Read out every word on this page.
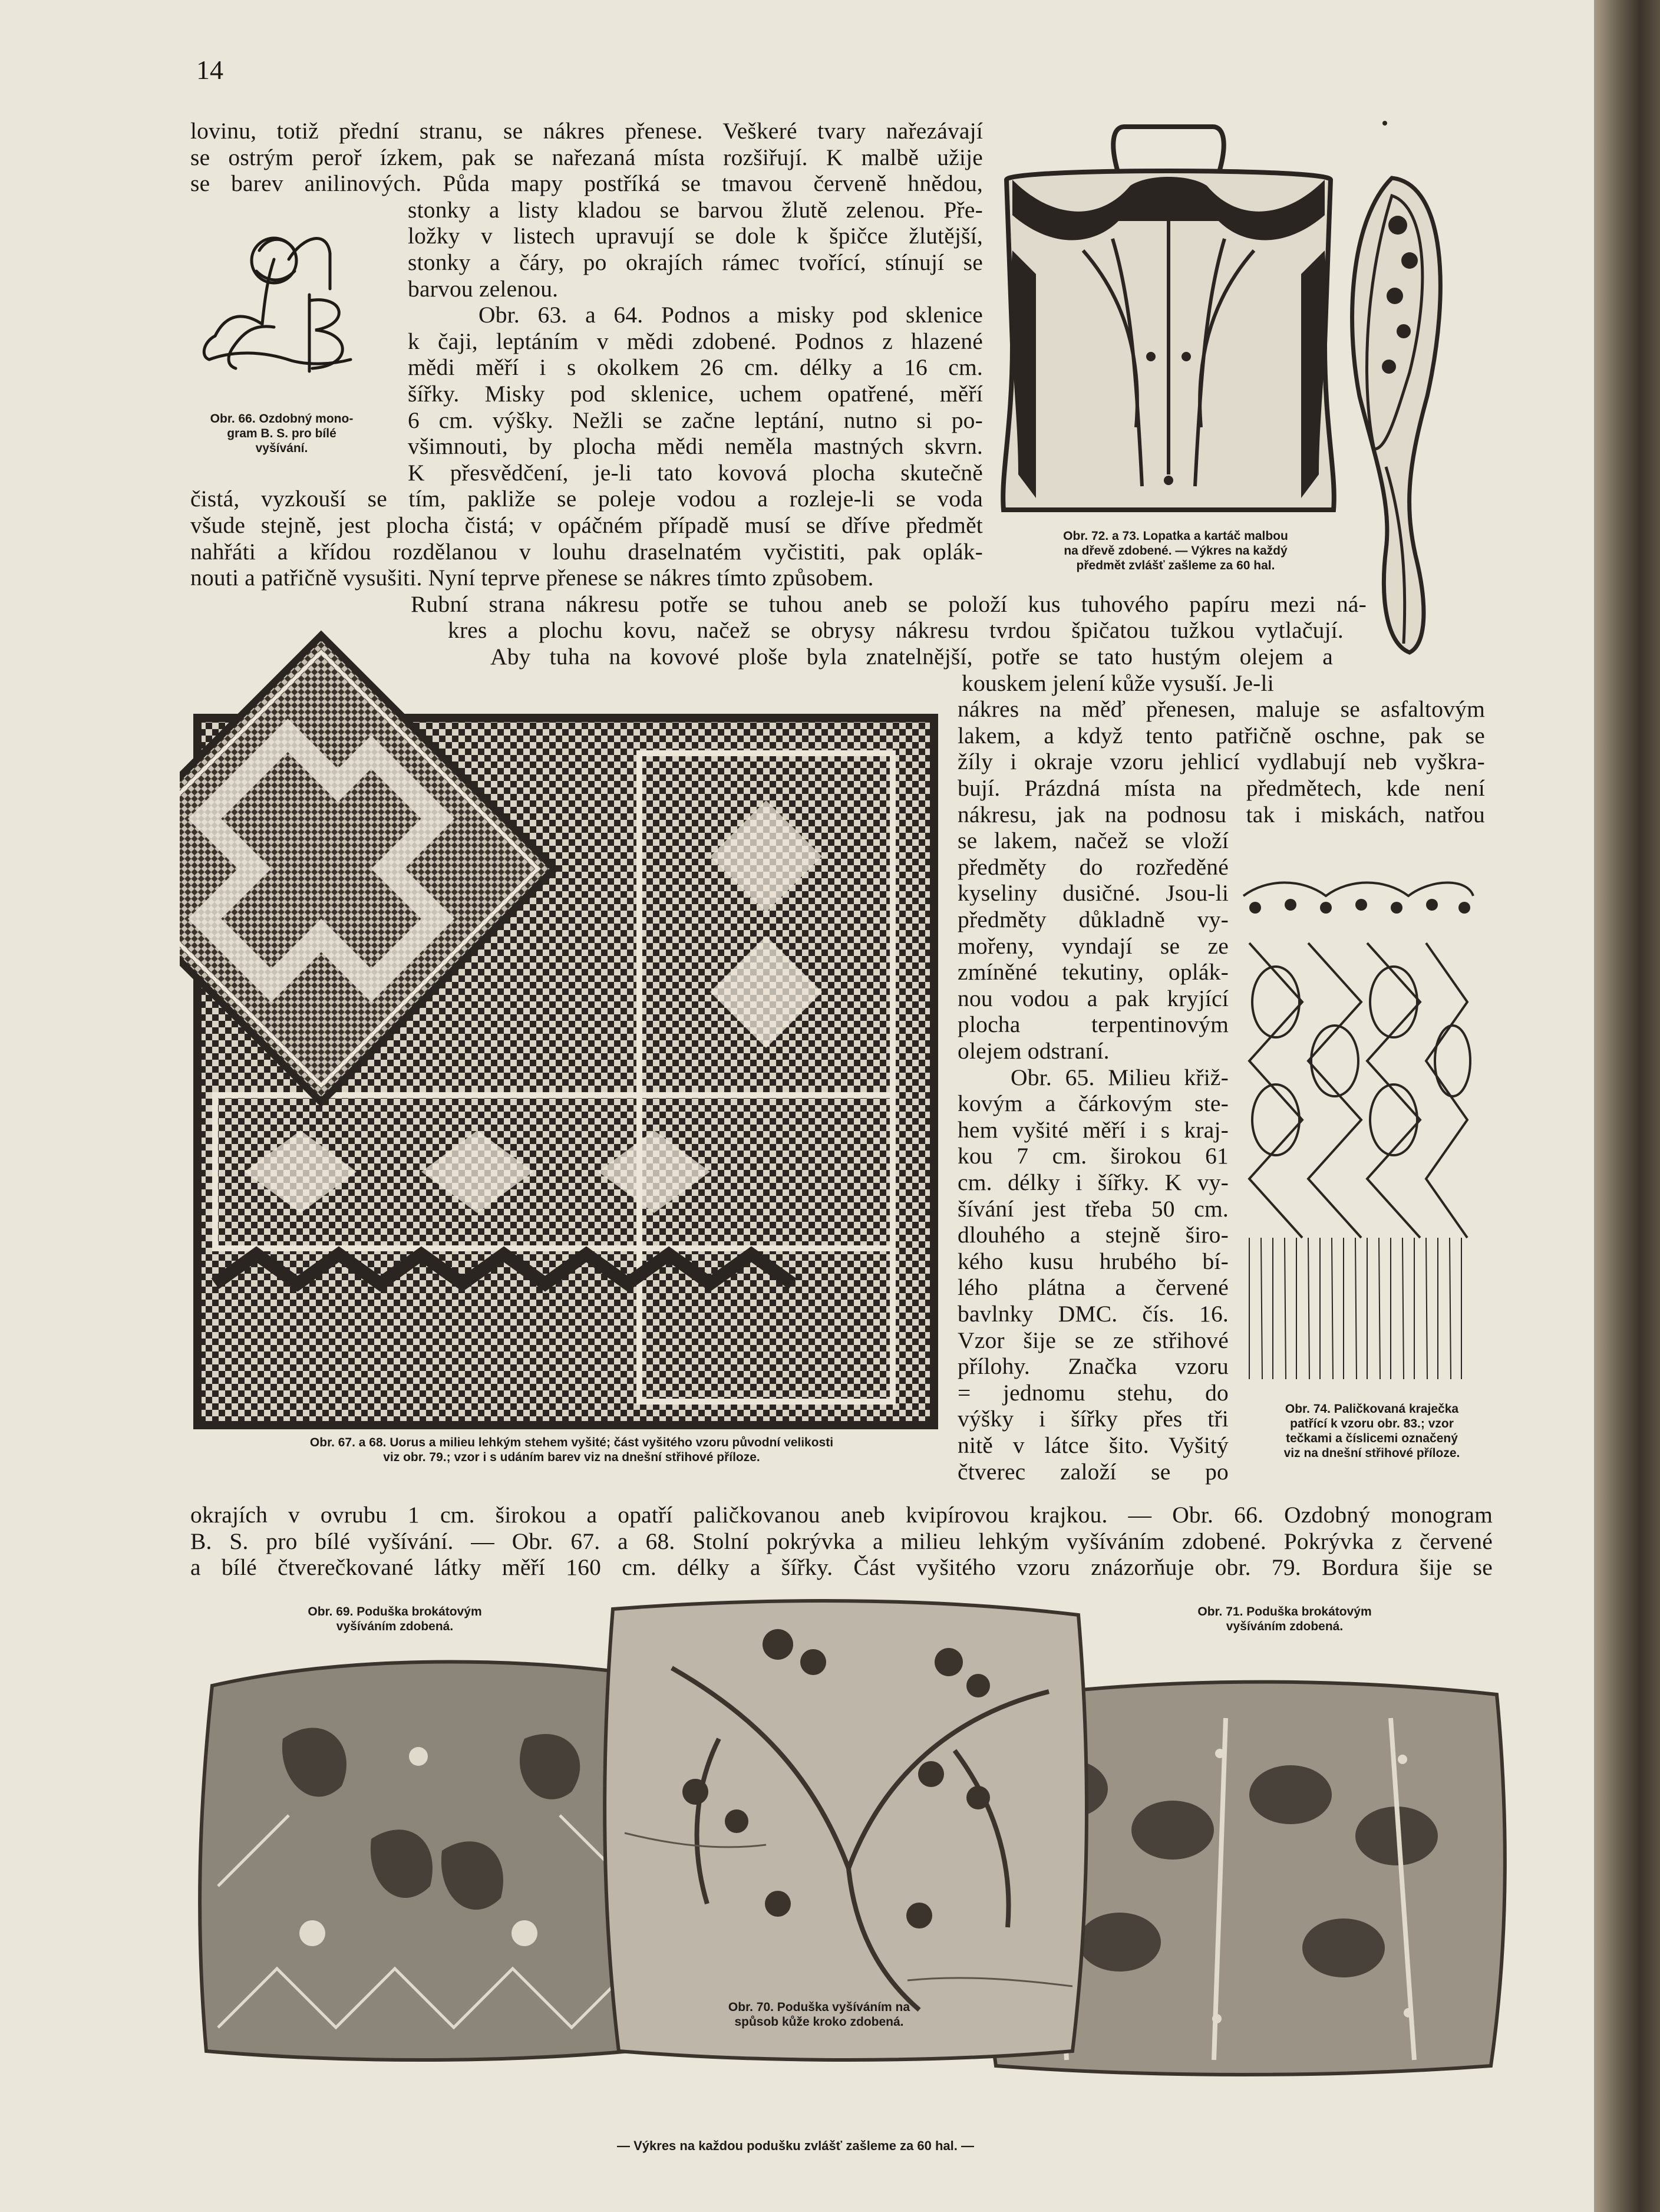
14
lovinu, totiž přední stranu, se nákres přenese. Veškeré tvary nařezávají
se ostrým peroř ízkem, pak se nařezaná místa rozšiřují. K malbě užije
se barev anilinových. Půda mapy postříká se tmavou červeně hnědou,
stonky a listy kladou se barvou žlutě zelenou. Pře-
ložky v listech upravují se dole k špičce žlutější,
stonky a čáry, po okrajích rámec tvořící, stínují se
barvou zelenou.
Obr. 63. a 64. Podnos a misky pod sklenice
k čaji, leptáním v mědi zdobené. Podnos z hlazené
mědi měří i s okolkem 26 cm. délky a 16 cm.
šířky. Misky pod sklenice, uchem opatřené, měří
6 cm. výšky. Nežli se začne leptání, nutno si po-
všimnouti, by plocha mědi neměla mastných skvrn.
K přesvědčení, je-li tato kovová plocha skutečně
čistá, vyzkouší se tím, pakliže se poleje vodou a rozleje-li se voda
všude stejně, jest plocha čistá; v opáčném případě musí se dříve předmět
nahřáti a křídou rozdělanou v louhu draselnatém vyčistiti, pak oplák-
nouti a patřičně vysušiti. Nyní teprve přenese se nákres tímto způsobem.
Rubní strana nákresu potře se tuhou aneb se položí kus tuhového papíru mezi ná-
kres a plochu kovu, načež se obrysy nákresu tvrdou špičatou tužkou vytlačují.
Aby tuha na kovové ploše byla znatelnější, potře se tato hustým olejem a
kouskem jelení kůže vysuší. Je-li
nákres na měď přenesen, maluje se asfaltovým
lakem, a když tento patřičně oschne, pak se
žíly i okraje vzoru jehlicí vydlabují neb vyškra-
bují. Prázdná místa na předmětech, kde není
nákresu, jak na podnosu tak i miskách, natřou
se lakem, načež se vloží
předměty do rozředěné
kyseliny dusičné. Jsou-li
předměty důkladně vy-
mořeny, vyndají se ze
zmíněné tekutiny, oplák-
nou vodou a pak kryjící
plocha terpentinovým
olejem odstraní.
Obr. 65. Milieu křiž-
kovým a čárkovým ste-
hem vyšité měří i s kraj-
kou 7 cm. širokou 61
cm. délky i šířky. K vy-
šívání jest třeba 50 cm.
dlouhého a stejně širo-
kého kusu hrubého bí-
lého plátna a červené
bavlnky DMC. čís. 16.
Vzor šije se ze střihové
přílohy. Značka vzoru
= jednomu stehu, do
výšky i šířky přes tři
nitě v látce šito. Vyšitý
čtverec založí se po
okrajích v ovrubu 1 cm. širokou a opatří paličkovanou aneb kvipírovou krajkou. — Obr. 66. Ozdobný monogram
B. S. pro bílé vyšívání. — Obr. 67. a 68. Stolní pokrývka a milieu lehkým vyšíváním zdobené. Pokrývka z červené
a bílé čtverečkované látky měří 160 cm. délky a šířky. Část vyšitého vzoru znázorňuje obr. 79. Bordura šije se
Obr. 66. Ozdobný mono-
gram B. S. pro bílé
vyšívání.
Obr. 72. a 73. Lopatka a kartáč malbou
na dřevě zdobené. — Výkres na každý
předmět zvlášť zašleme za 60 hal.
Obr. 67. a 68. Uorus a milieu lehkým stehem vyšité; část vyšitého vzoru původní velikosti
viz obr. 79.; vzor i s udáním barev viz na dnešní střihové příloze.
Obr. 74. Paličkovaná kraječka
patřící k vzoru obr. 83.; vzor
tečkami a číslicemi označený
viz na dnešní střihové příloze.
Obr. 69. Poduška brokátovým
vyšíváním zdobená.
Obr. 71. Poduška brokátovým
vyšíváním zdobená.
Obr. 70. Poduška vyšíváním na
spůsob kůže kroko zdobená.
— Výkres na každou podušku zvlášť zašleme za 60 hal. —
